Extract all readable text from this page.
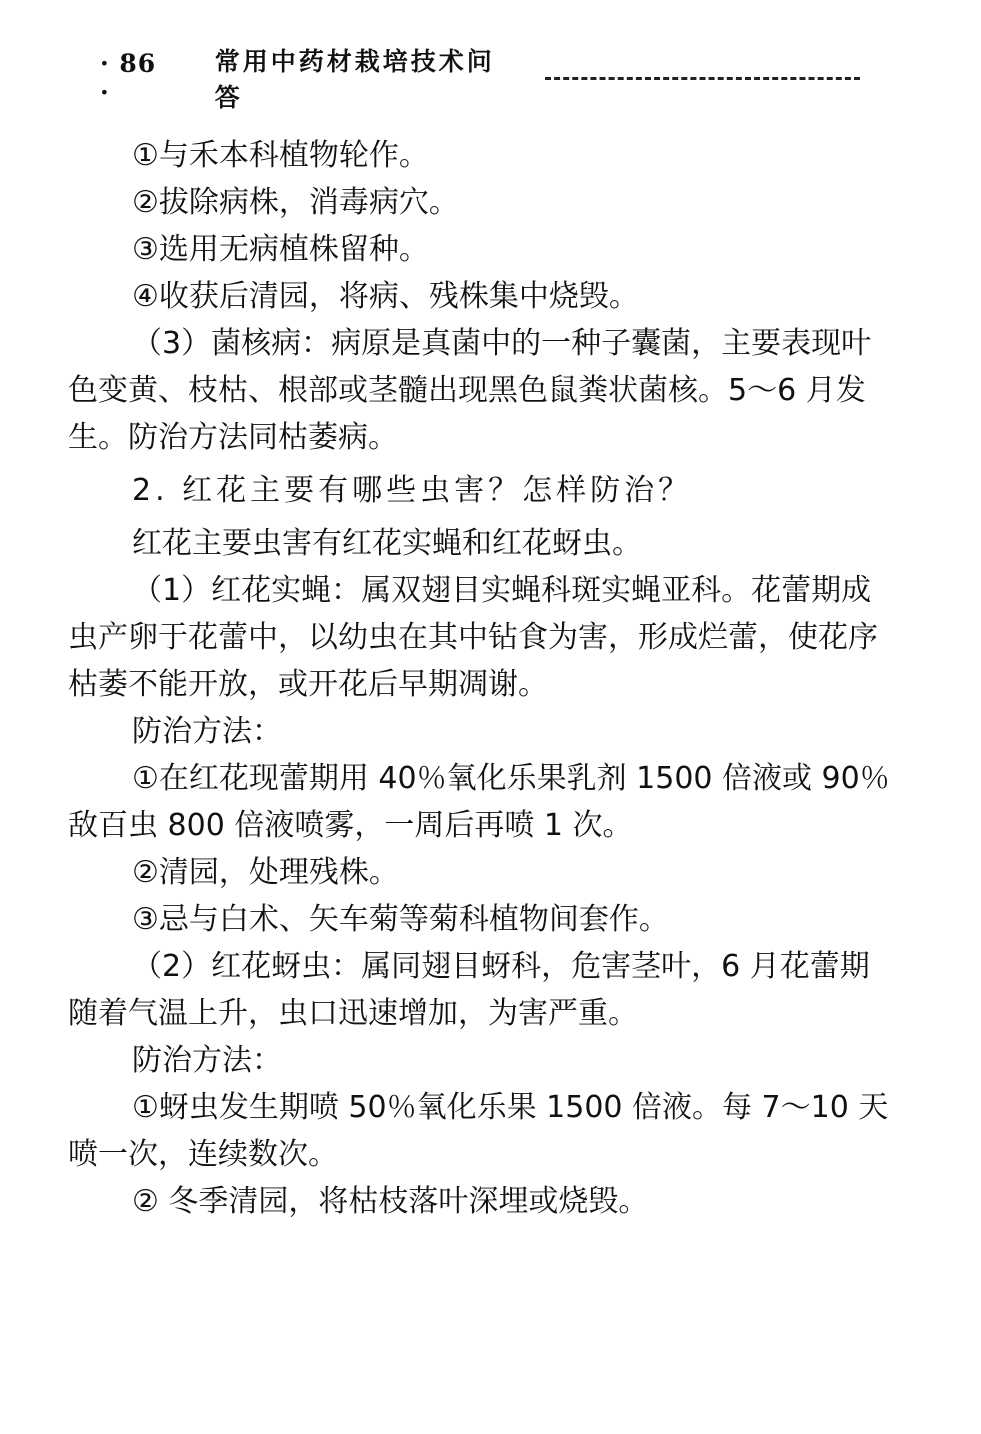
· 86 ·
常用中药材栽培技术问答

①与禾本科植物轮作。

②拔除病株，消毒病穴。

③选用无病植株留种。

④收获后清园，将病、残株集中烧毁。

（3）菌核病：病原是真菌中的一种子囊菌，主要表现叶色变黄、枝枯、根部或茎髓出现黑色鼠粪状菌核。5～6 月发生。防治方法同枯萎病。

2. 红花主要有哪些虫害？怎样防治？

红花主要虫害有红花实蝇和红花蚜虫。

（1）红花实蝇：属双翅目实蝇科斑实蝇亚科。花蕾期成虫产卵于花蕾中，以幼虫在其中钻食为害，形成烂蕾，使花序枯萎不能开放，或开花后早期凋谢。

防治方法：

①在红花现蕾期用 40％氧化乐果乳剂 1500 倍液或 90％敌百虫 800 倍液喷雾，一周后再喷 1 次。

②清园，处理残株。

③忌与白术、矢车菊等菊科植物间套作。

（2）红花蚜虫：属同翅目蚜科，危害茎叶，6 月花蕾期随着气温上升，虫口迅速增加，为害严重。

防治方法：

①蚜虫发生期喷 50％氧化乐果 1500 倍液。每 7～10 天喷一次，连续数次。

② 冬季清园，将枯枝落叶深埋或烧毁。
